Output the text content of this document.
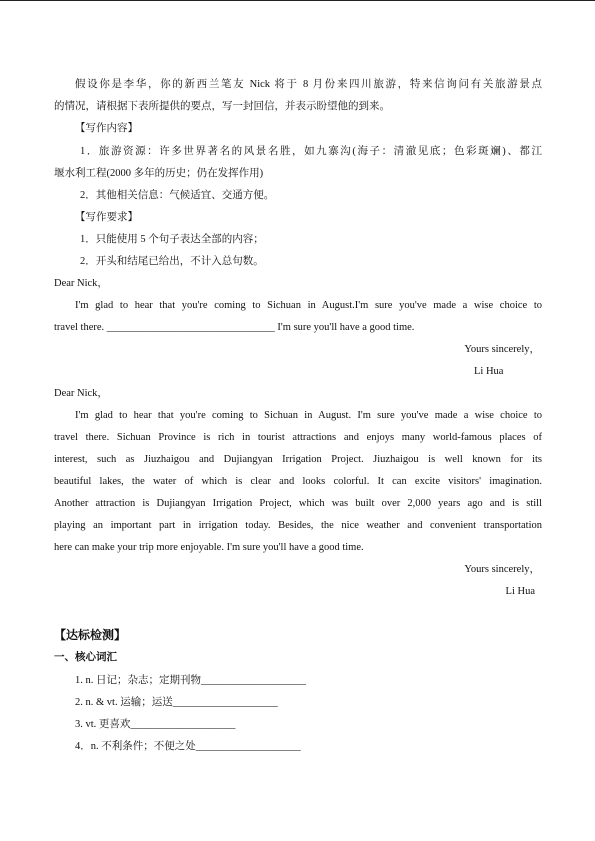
假设你是李华，你的新西兰笔友 Nick 将于 8 月份来四川旅游，特来信询问有关旅游景点
的情况，请根据下表所提供的要点，写一封回信，并表示盼望他的到来。
【写作内容】
1．旅游资源：许多世界著名的风景名胜，如九寨沟(海子：清澈见底；色彩斑斓)、都江
堰水利工程(2000 多年的历史；仍在发挥作用)
2．其他相关信息：气候适宜、交通方便。
【写作要求】
1．只能使用 5 个句子表达全部的内容；
2．开头和结尾已给出，不计入总句数。
Dear Nick，
I'm glad to hear that you're coming to Sichuan in August.I'm sure you've made a wise choice to
travel there. ________________________________ I'm sure you'll have a good time.
Yours sincerely，
Li Hua
Dear Nick，
I'm glad to hear that you're coming to Sichuan in August. I'm sure you've made a wise choice to
travel there. Sichuan Province is rich in tourist attractions and enjoys many world-famous places of
interest, such as Jiuzhaigou and Dujiangyan Irrigation Project. Jiuzhaigou is well known for its
beautiful lakes, the water of which is clear and looks colorful. It can excite visitors' imagination.
Another attraction is Dujiangyan Irrigation Project, which was built over 2,000 years ago and is still
playing an important part in irrigation today. Besides, the nice weather and convenient transportation
here can make your trip more enjoyable. I'm sure you'll have a good time.
Yours sincerely，
Li Hua
【达标检测】
一、核心词汇
1. n. 日记；杂志；定期刊物____________________
2. n. & vt. 运输；运送____________________
3. vt. 更喜欢____________________
4．n. 不利条件；不便之处____________________
